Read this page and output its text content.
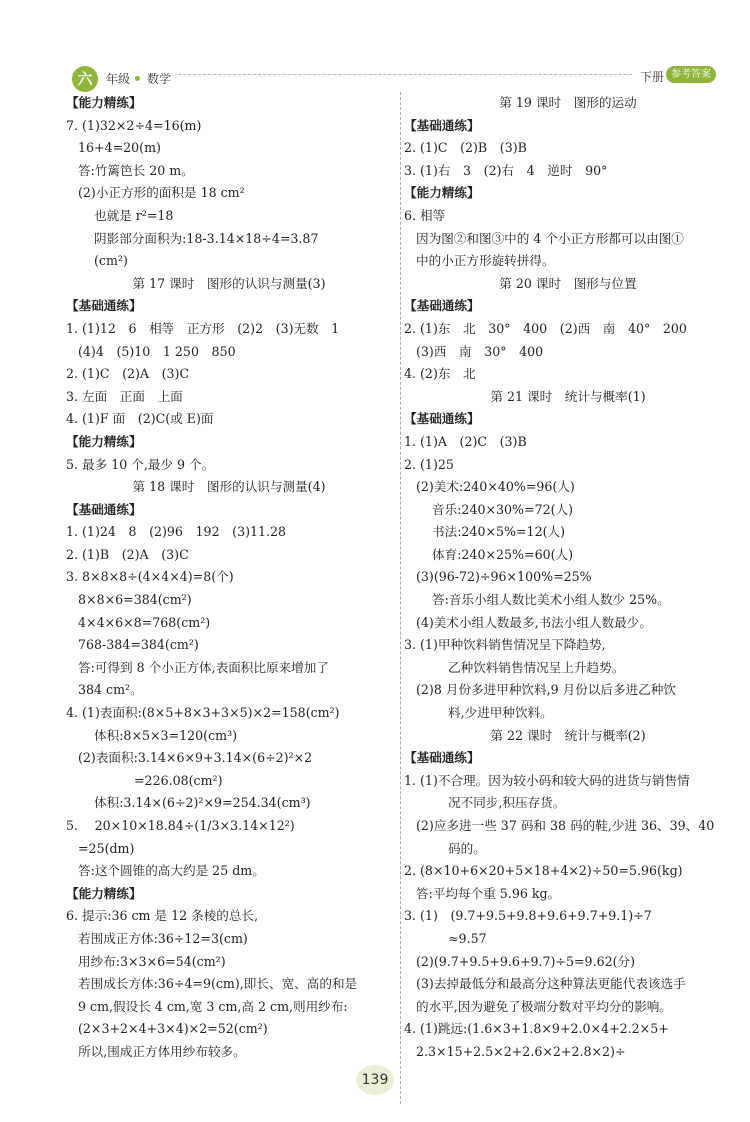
六	年级 数学	下册 参考答案
【能力精练】
7. (1)32×2÷4=16(m)
16+4=20(m)
答:竹篱笆长 20 m。
(2)小正方形的面积是 18 cm²
也就是 r²=18
阴影部分面积为:18-3.14×18÷4=3.87
(cm²)
第 17 课时　图形的认识与测量(3)
【基础通练】
1. (1)12　6　相等　正方形　(2)2　(3)无数　1
(4)4　(5)10　1 250　850
2. (1)C　(2)A　(3)C
3. 左面　正面　上面
4. (1)F 面　(2)C(或 E)面
【能力精练】
5. 最多 10 个,最少 9 个。
第 18 课时　图形的认识与测量(4)
【基础通练】
1. (1)24　8　(2)96　192　(3)11.28
2. (1)B　(2)A　(3)C
3. 8×8×8÷(4×4×4)=8(个)
8×8×6=384(cm²)
4×4×6×8=768(cm²)
768-384=384(cm²)
答:可得到 8 个小正方体,表面积比原来增加了
384 cm²。
4. (1)表面积:(8×5+8×3+3×5)×2=158(cm²)
体积:8×5×3=120(cm³)
(2)表面积:3.14×6×9+3.14×(6÷2)²×2
=226.08(cm²)
体积:3.14×(6÷2)²×9=254.34(cm³)
5. 　20×10×18.84÷(1/3×3.14×12²)
=25(dm)
答:这个圆锥的高大约是 25 dm。
【能力精练】
6. 提示:36 cm 是 12 条棱的总长,
若围成正方体:36÷12=3(cm)
用纱布:3×3×6=54(cm²)
若围成长方体:36÷4=9(cm),即长、宽、高的和是
9 cm,假设长 4 cm,宽 3 cm,高 2 cm,则用纱布:
(2×3+2×4+3×4)×2=52(cm²)
所以,围成正方体用纱布较多。
第 19 课时　图形的运动
【基础通练】
2. (1)C　(2)B　(3)B
3. (1)右　3　(2)右　4　逆时　90°
【能力精练】
6. 相等
因为图②和图③中的 4 个小正方形都可以由图①
中的小正方形旋转拼得。
第 20 课时　图形与位置
【基础通练】
2. (1)东　北　30°　400　(2)西　南　40°　200
(3)西　南　30°　400
4. (2)东　北
第 21 课时　统计与概率(1)
【基础通练】
1. (1)A　(2)C　(3)B
2. (1)25
(2)美术:240×40%=96(人)
音乐:240×30%=72(人)
书法:240×5%=12(人)
体育:240×25%=60(人)
(3)(96-72)÷96×100%=25%
答:音乐小组人数比美术小组人数少 25%。
(4)美术小组人数最多,书法小组人数最少。
3. (1)甲种饮料销售情况呈下降趋势,
乙种饮料销售情况呈上升趋势。
(2)8 月份多进甲种饮料,9 月份以后多进乙种饮
料,少进甲种饮料。
第 22 课时　统计与概率(2)
【基础通练】
1. (1)不合理。因为较小码和较大码的进货与销售情
况不同步,积压存货。
(2)应多进一些 37 码和 38 码的鞋,少进 36、39、40
码的。
2. (8×10+6×20+5×18+4×2)÷50=5.96(kg)
答:平均每个重 5.96 kg。
3. (1)　(9.7+9.5+9.8+9.6+9.7+9.1)÷7
≈9.57
(2)(9.7+9.5+9.6+9.7)÷5=9.62(分)
(3)去掉最低分和最高分这种算法更能代表该选手
的水平,因为避免了极端分数对平均分的影响。
4. (1)跳远:(1.6×3+1.8×9+2.0×4+2.2×5+
2.3×15+2.5×2+2.6×2+2.8×2)÷
139
